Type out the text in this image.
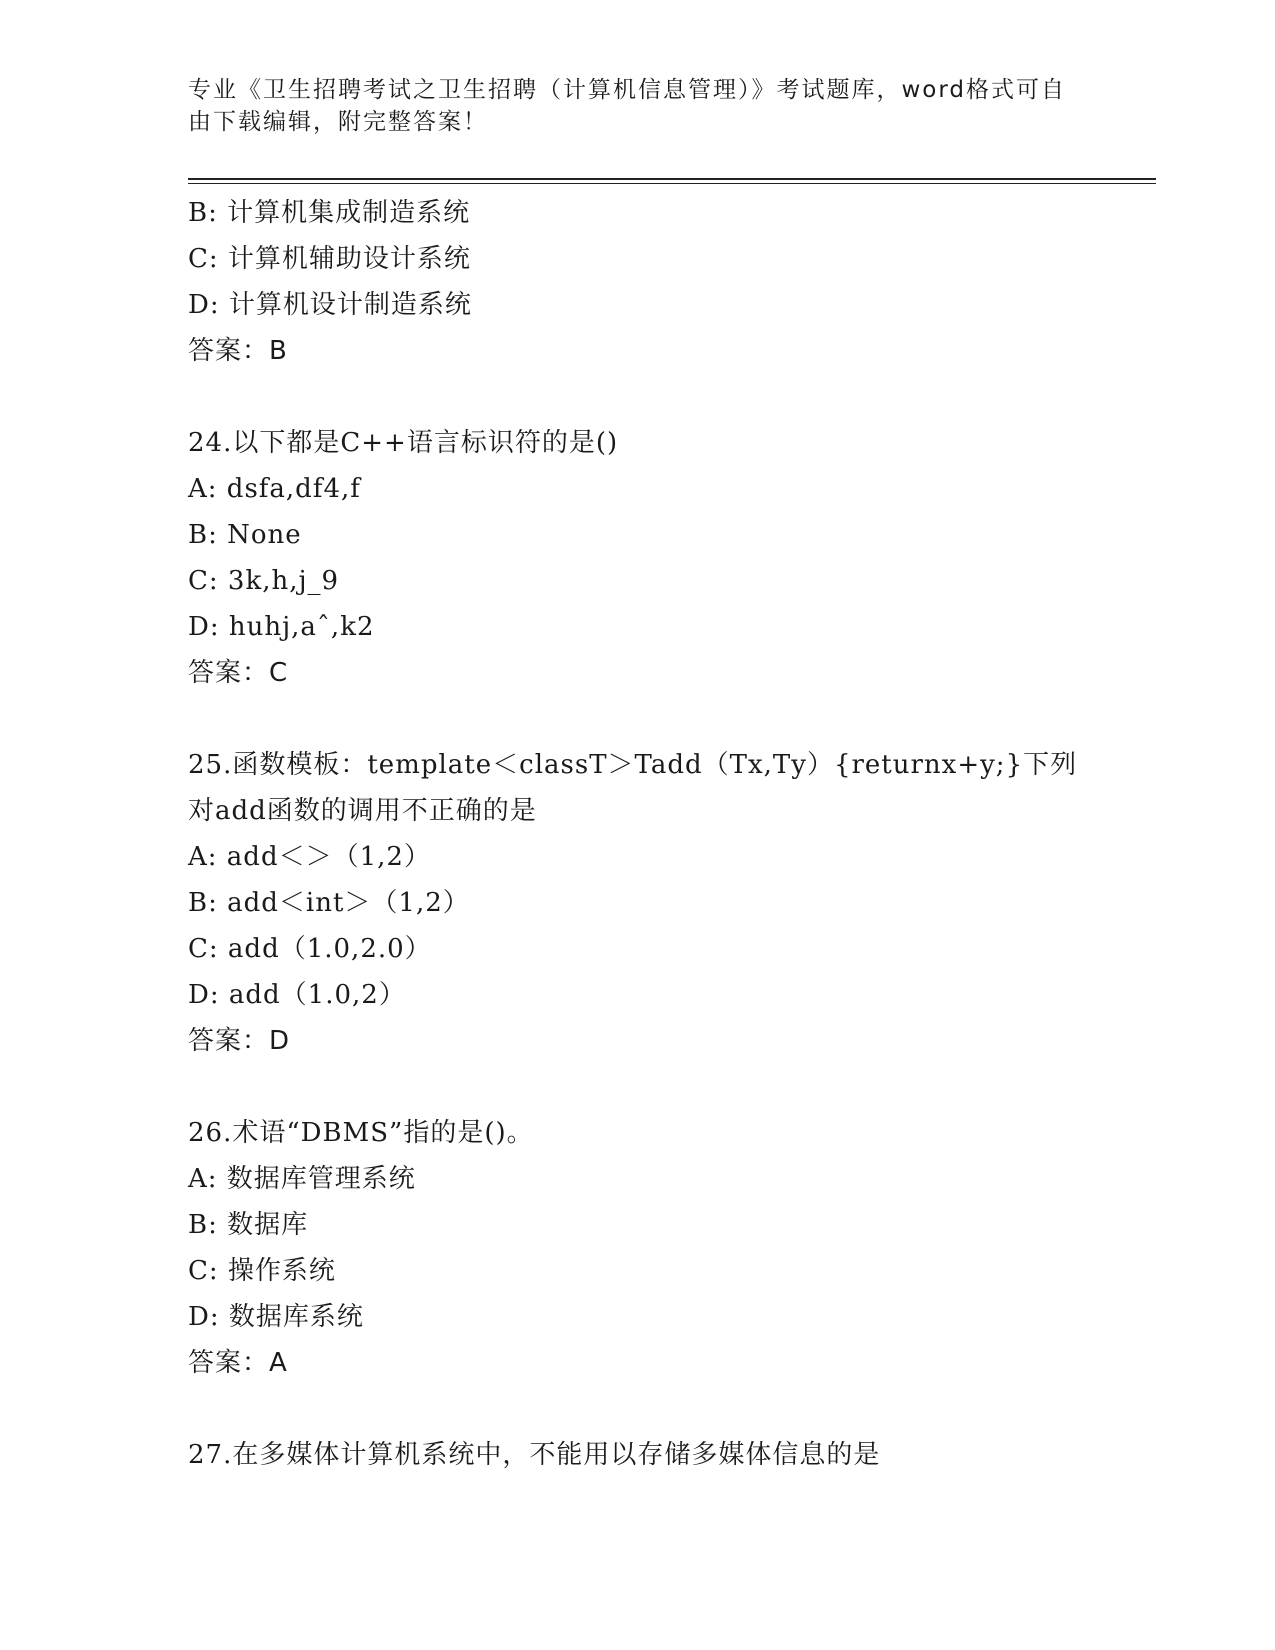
专业《卫生招聘考试之卫生招聘（计算机信息管理）》考试题库，word格式可自
由下载编辑，附完整答案！
B: 计算机集成制造系统
C: 计算机辅助设计系统
D: 计算机设计制造系统
答案：B
24.以下都是C++语言标识符的是()
A: dsfa,df4,f
B: None
C: 3k,h,j_9
D: huhj,aˆ,k2
答案：C
25.函数模板：template＜classT＞Tadd（Tx,Ty）{returnx+y;}下列
对add函数的调用不正确的是
A: add＜＞（1,2）
B: add＜int＞（1,2）
C: add（1.0,2.0）
D: add（1.0,2）
答案：D
26.术语“DBMS”指的是()。
A: 数据库管理系统
B: 数据库
C: 操作系统
D: 数据库系统
答案：A
27.在多媒体计算机系统中，不能用以存储多媒体信息的是
